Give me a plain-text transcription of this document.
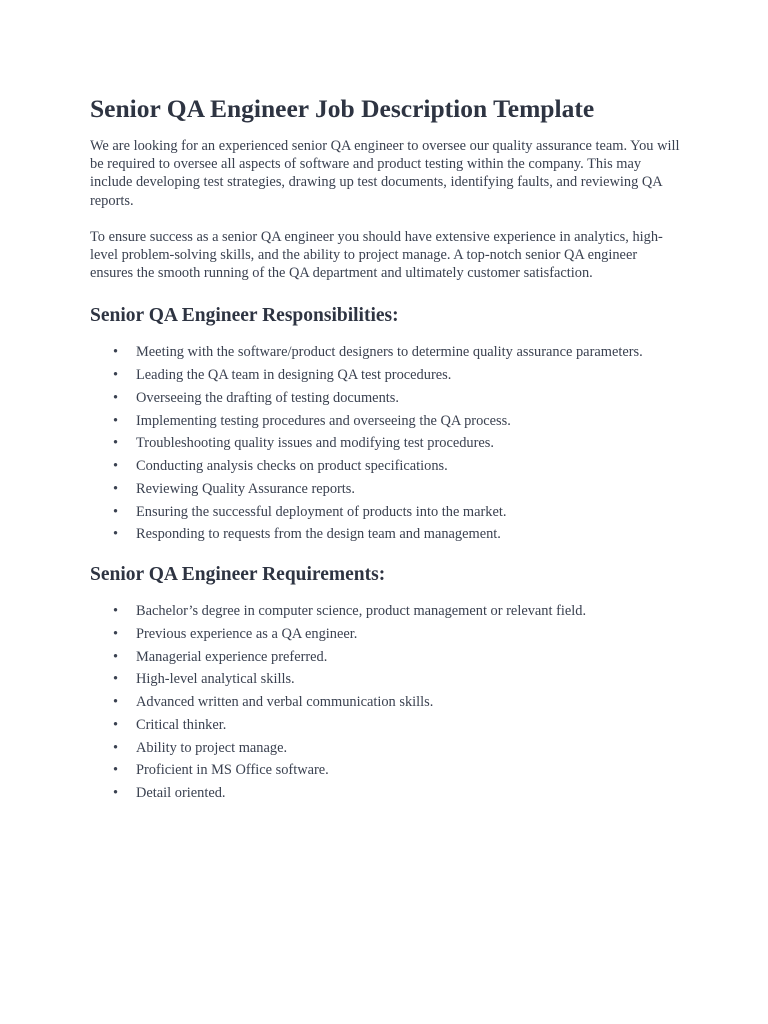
Senior QA Engineer Job Description Template

We are looking for an experienced senior QA engineer to oversee our quality assurance team. You will be required to oversee all aspects of software and product testing within the company. This may include developing test strategies, drawing up test documents, identifying faults, and reviewing QA reports.

To ensure success as a senior QA engineer you should have extensive experience in analytics, high-level problem-solving skills, and the ability to project manage. A top-notch senior QA engineer ensures the smooth running of the QA department and ultimately customer satisfaction.

Senior QA Engineer Responsibilities:
• Meeting with the software/product designers to determine quality assurance parameters.
• Leading the QA team in designing QA test procedures.
• Overseeing the drafting of testing documents.
• Implementing testing procedures and overseeing the QA process.
• Troubleshooting quality issues and modifying test procedures.
• Conducting analysis checks on product specifications.
• Reviewing Quality Assurance reports.
• Ensuring the successful deployment of products into the market.
• Responding to requests from the design team and management.
Senior QA Engineer Requirements:
• Bachelor’s degree in computer science, product management or relevant field.
• Previous experience as a QA engineer.
• Managerial experience preferred.
• High-level analytical skills.
• Advanced written and verbal communication skills.
• Critical thinker.
• Ability to project manage.
• Proficient in MS Office software.
• Detail oriented.
